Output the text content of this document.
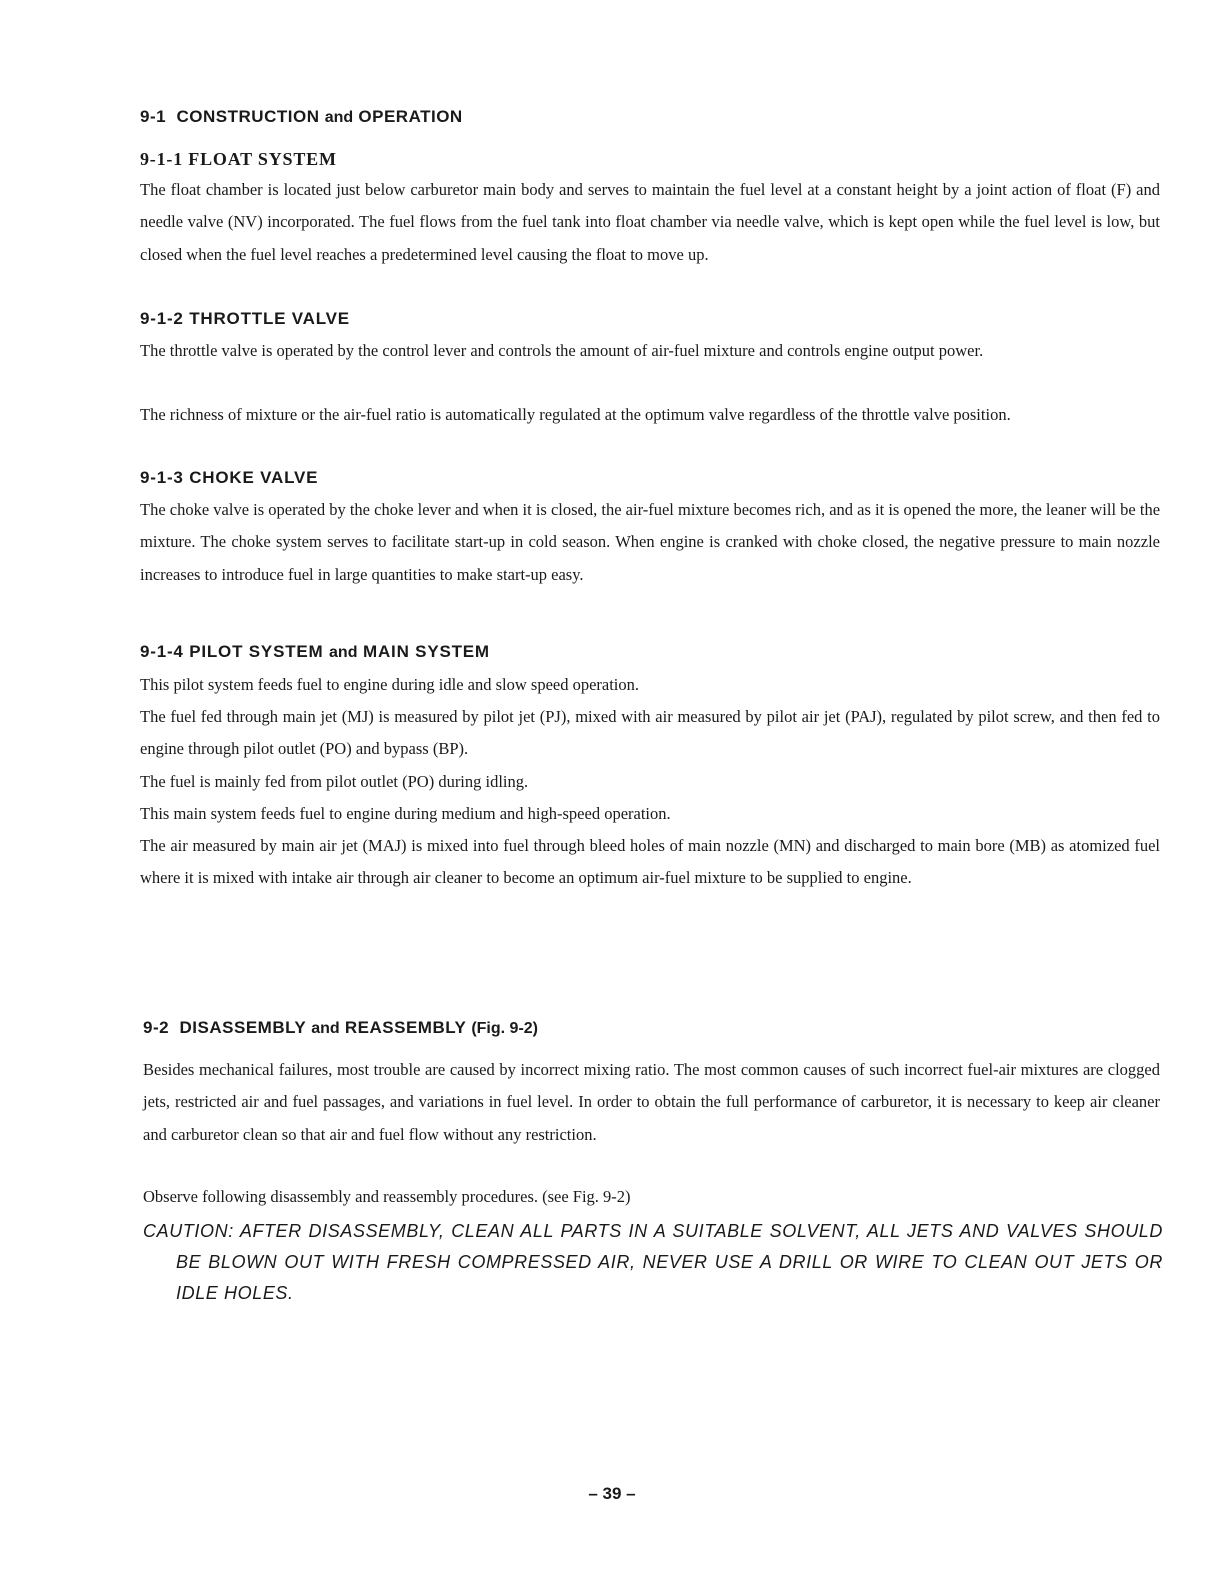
9-1 CONSTRUCTION and OPERATION
9-1-1 FLOAT SYSTEM

The float chamber is located just below carburetor main body and serves to maintain the fuel level at a constant height by a joint action of float (F) and needle valve (NV) incorporated. The fuel flows from the fuel tank into float chamber via needle valve, which is kept open while the fuel level is low, but closed when the fuel level reaches a predetermined level causing the float to move up.

9-1-2 THROTTLE VALVE

The throttle valve is operated by the control lever and controls the amount of air-fuel mixture and controls engine output power.

The richness of mixture or the air-fuel ratio is automatically regulated at the optimum valve regardless of the throttle valve position.

9-1-3 CHOKE VALVE

The choke valve is operated by the choke lever and when it is closed, the air-fuel mixture becomes rich, and as it is opened the more, the leaner will be the mixture. The choke system serves to facilitate start-up in cold season. When engine is cranked with choke closed, the negative pressure to main nozzle increases to introduce fuel in large quantities to make start-up easy.

9-1-4 PILOT SYSTEM and MAIN SYSTEM

This pilot system feeds fuel to engine during idle and slow speed operation.

The fuel fed through main jet (MJ) is measured by pilot jet (PJ), mixed with air measured by pilot air jet (PAJ), regulated by pilot screw, and then fed to engine through pilot outlet (PO) and bypass (BP).

The fuel is mainly fed from pilot outlet (PO) during idling.

This main system feeds fuel to engine during medium and high-speed operation.

The air measured by main air jet (MAJ) is mixed into fuel through bleed holes of main nozzle (MN) and discharged to main bore (MB) as atomized fuel where it is mixed with intake air through air cleaner to become an optimum air-fuel mixture to be supplied to engine.

9-2 DISASSEMBLY and REASSEMBLY (Fig. 9-2)

Besides mechanical failures, most trouble are caused by incorrect mixing ratio. The most common causes of such incorrect fuel-air mixtures are clogged jets, restricted air and fuel passages, and variations in fuel level. In order to obtain the full performance of carburetor, it is necessary to keep air cleaner and carburetor clean so that air and fuel flow without any restriction.

Observe following disassembly and reassembly procedures. (see Fig. 9-2)

CAUTION: AFTER DISASSEMBLY, CLEAN ALL PARTS IN A SUITABLE SOLVENT, ALL JETS AND VALVES SHOULD BE BLOWN OUT WITH FRESH COMPRESSED AIR, NEVER USE A DRILL OR WIRE TO CLEAN OUT JETS OR IDLE HOLES.

– 39 –
